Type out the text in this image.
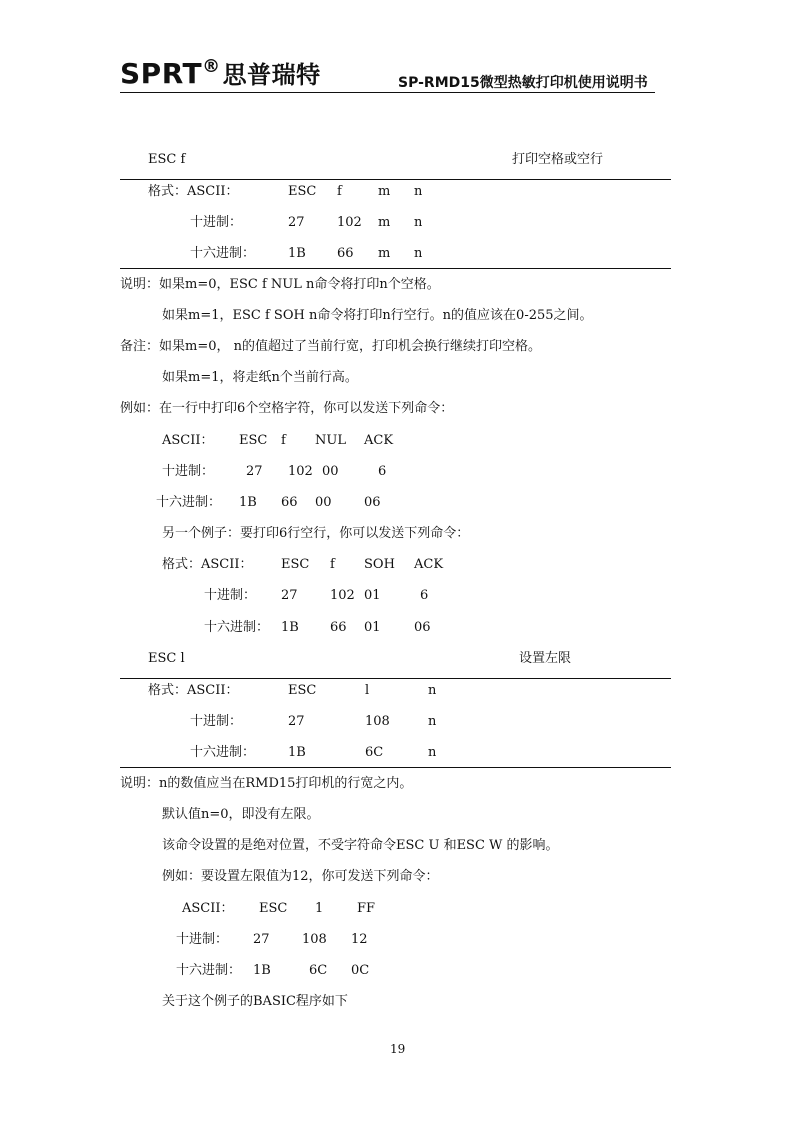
SPRT®思普瑞特	SP-RMD15微型热敏打印机使用说明书
ESC f	打印空格或空行
格式：ASCII：	ESC f	m n
十进制：	27 102 m n
十六进制：	1B 66 m n
说明：如果m=0，ESC f NUL n命令将打印n个空格。
如果m=1，ESC f SOH n命令将打印n行空行。n的值应该在0-255之间。
备注：如果m=0， n的值超过了当前行宽，打印机会换行继续打印空格。
如果m=1，将走纸n个当前行高。
例如：在一行中打印6个空格字符，你可以发送下列命令：
ASCII： ESC f NUL ACK
十进制： 27 102 00	6
十六进制： 1B 66 00 06
另一个例子：要打印6行空行，你可以发送下列命令：
格式：ASCII： ESC f SOH ACK
十进制： 27 102 01	6
十六进制： 1B 66 01	06
ESC l	设置左限
格式：ASCII：	ESC	l	n
十进制：	27	108	n
十六进制：	1B	6C	n
说明：n的数值应当在RMD15打印机的行宽之内。
默认值n=0，即没有左限。
该命令设置的是绝对位置，不受字符命令ESC U 和ESC W 的影响。
例如：要设置左限值为12，你可发送下列命令：
ASCII： ESC 1	FF
十进制： 27 108 12
十六进制： 1B	6C 0C
关于这个例子的BASIC程序如下
19
